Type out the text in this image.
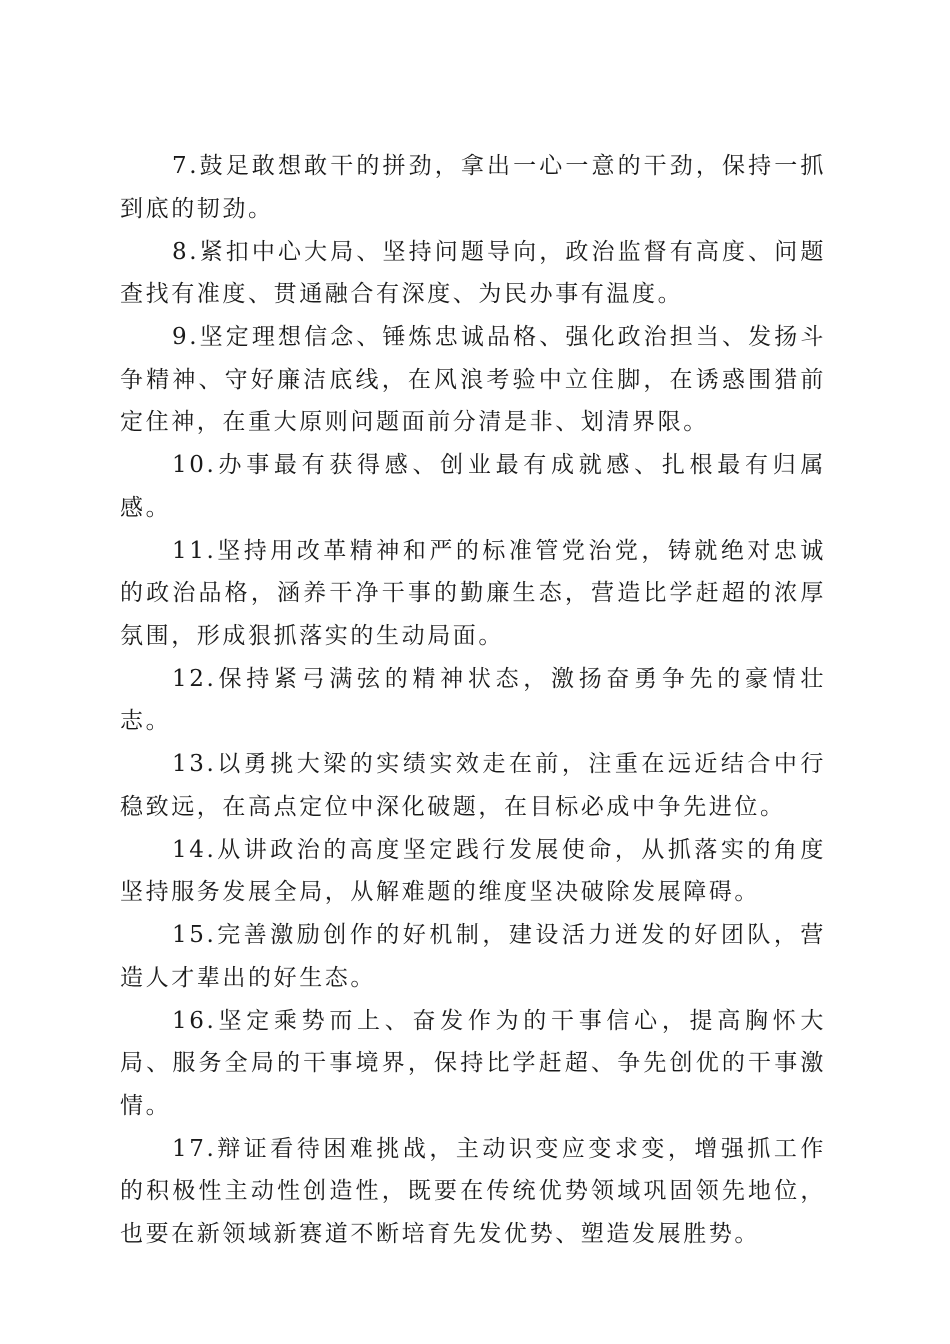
7.鼓足敢想敢干的拼劲，拿出一心一意的干劲，保持一抓到底的韧劲。

8.紧扣中心大局、坚持问题导向，政治监督有高度、问题查找有准度、贯通融合有深度、为民办事有温度。

9.坚定理想信念、锤炼忠诚品格、强化政治担当、发扬斗争精神、守好廉洁底线，在风浪考验中立住脚，在诱惑围猎前定住神，在重大原则问题面前分清是非、划清界限。

10.办事最有获得感、创业最有成就感、扎根最有归属感。

11.坚持用改革精神和严的标准管党治党，铸就绝对忠诚的政治品格，涵养干净干事的勤廉生态，营造比学赶超的浓厚氛围，形成狠抓落实的生动局面。

12.保持紧弓满弦的精神状态，激扬奋勇争先的豪情壮志。

13.以勇挑大梁的实绩实效走在前，注重在远近结合中行稳致远，在高点定位中深化破题，在目标必成中争先进位。

14.从讲政治的高度坚定践行发展使命，从抓落实的角度坚持服务发展全局，从解难题的维度坚决破除发展障碍。

15.完善激励创作的好机制，建设活力迸发的好团队，营造人才辈出的好生态。

16.坚定乘势而上、奋发作为的干事信心，提高胸怀大局、服务全局的干事境界，保持比学赶超、争先创优的干事激情。

17.辩证看待困难挑战，主动识变应变求变，增强抓工作的积极性主动性创造性，既要在传统优势领域巩固领先地位，也要在新领域新赛道不断培育先发优势、塑造发展胜势。
